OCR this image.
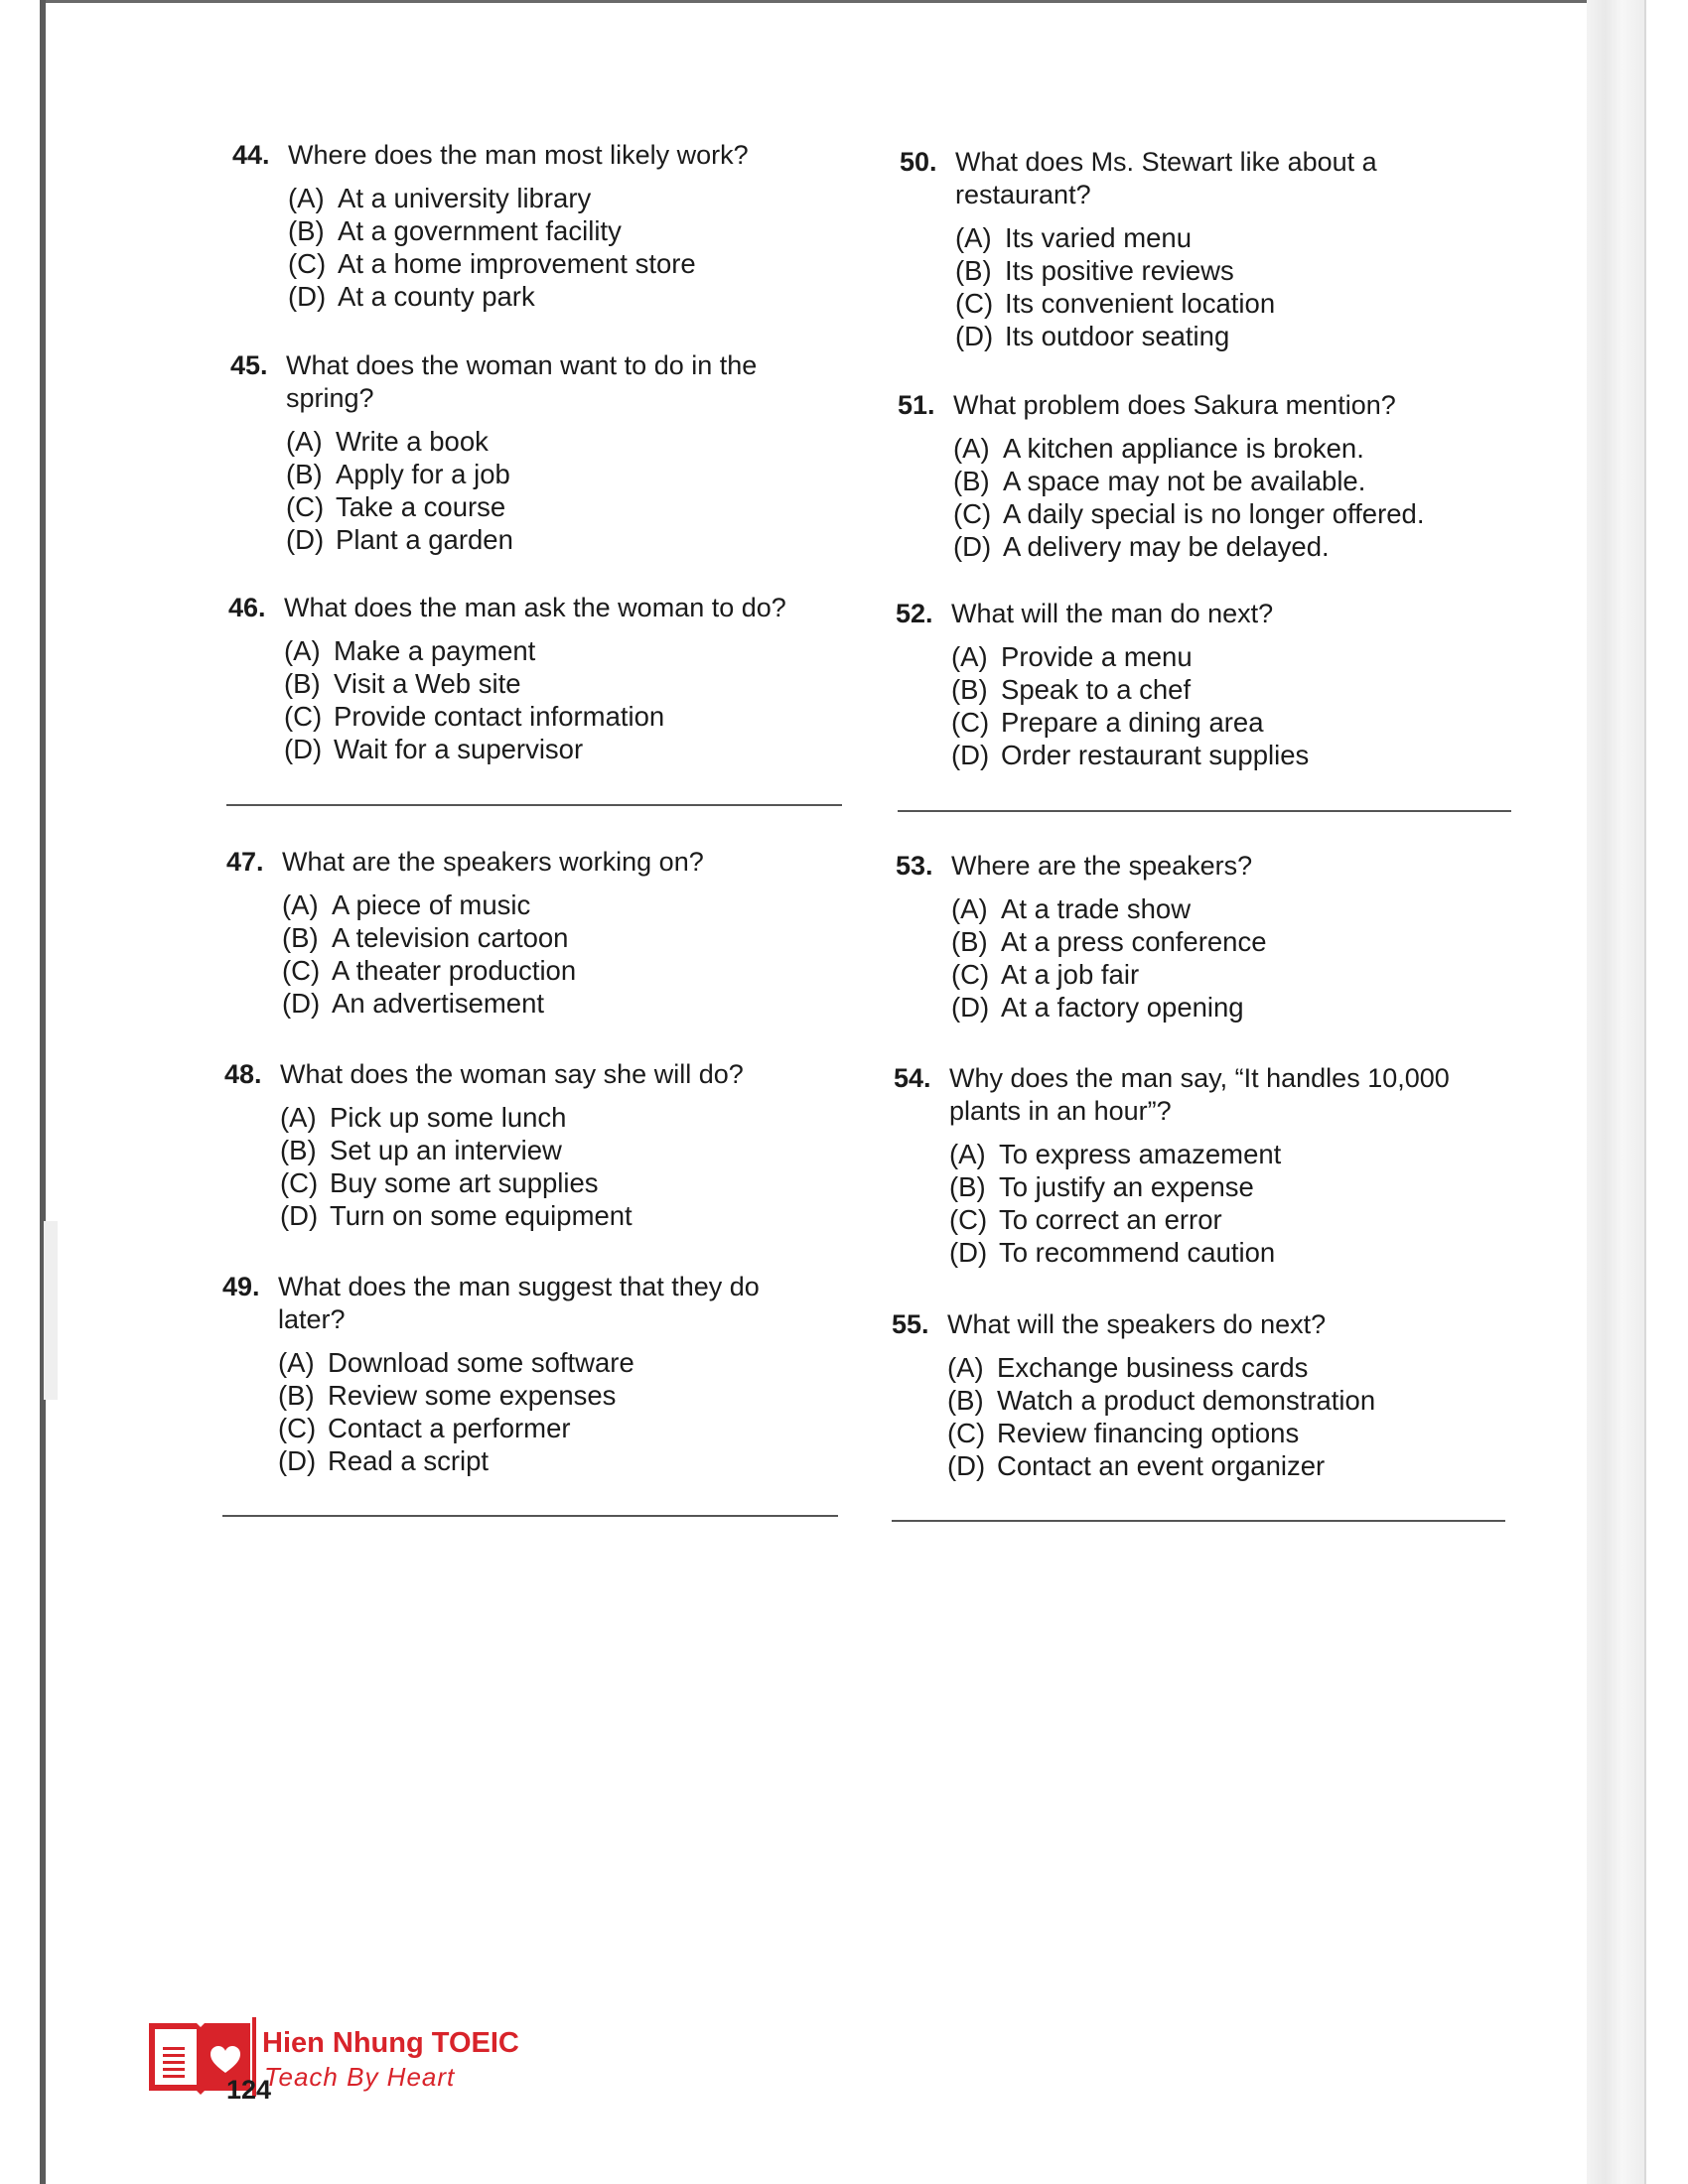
44. Where does the man most likely work?
(A) At a university library
(B) At a government facility
(C) At a home improvement store
(D) At a county park
45. What does the woman want to do in the spring?
(A) Write a book
(B) Apply for a job
(C) Take a course
(D) Plant a garden
46. What does the man ask the woman to do?
(A) Make a payment
(B) Visit a Web site
(C) Provide contact information
(D) Wait for a supervisor
47. What are the speakers working on?
(A) A piece of music
(B) A television cartoon
(C) A theater production
(D) An advertisement
48. What does the woman say she will do?
(A) Pick up some lunch
(B) Set up an interview
(C) Buy some art supplies
(D) Turn on some equipment
49. What does the man suggest that they do later?
(A) Download some software
(B) Review some expenses
(C) Contact a performer
(D) Read a script
50. What does Ms. Stewart like about a restaurant?
(A) Its varied menu
(B) Its positive reviews
(C) Its convenient location
(D) Its outdoor seating
51. What problem does Sakura mention?
(A) A kitchen appliance is broken.
(B) A space may not be available.
(C) A daily special is no longer offered.
(D) A delivery may be delayed.
52. What will the man do next?
(A) Provide a menu
(B) Speak to a chef
(C) Prepare a dining area
(D) Order restaurant supplies
53. Where are the speakers?
(A) At a trade show
(B) At a press conference
(C) At a job fair
(D) At a factory opening
54. Why does the man say, “It handles 10,000 plants in an hour”?
(A) To express amazement
(B) To justify an expense
(C) To correct an error
(D) To recommend caution
55. What will the speakers do next?
(A) Exchange business cards
(B) Watch a product demonstration
(C) Review financing options
(D) Contact an event organizer
Hien Nhung TOEIC
Teach By Heart
124
